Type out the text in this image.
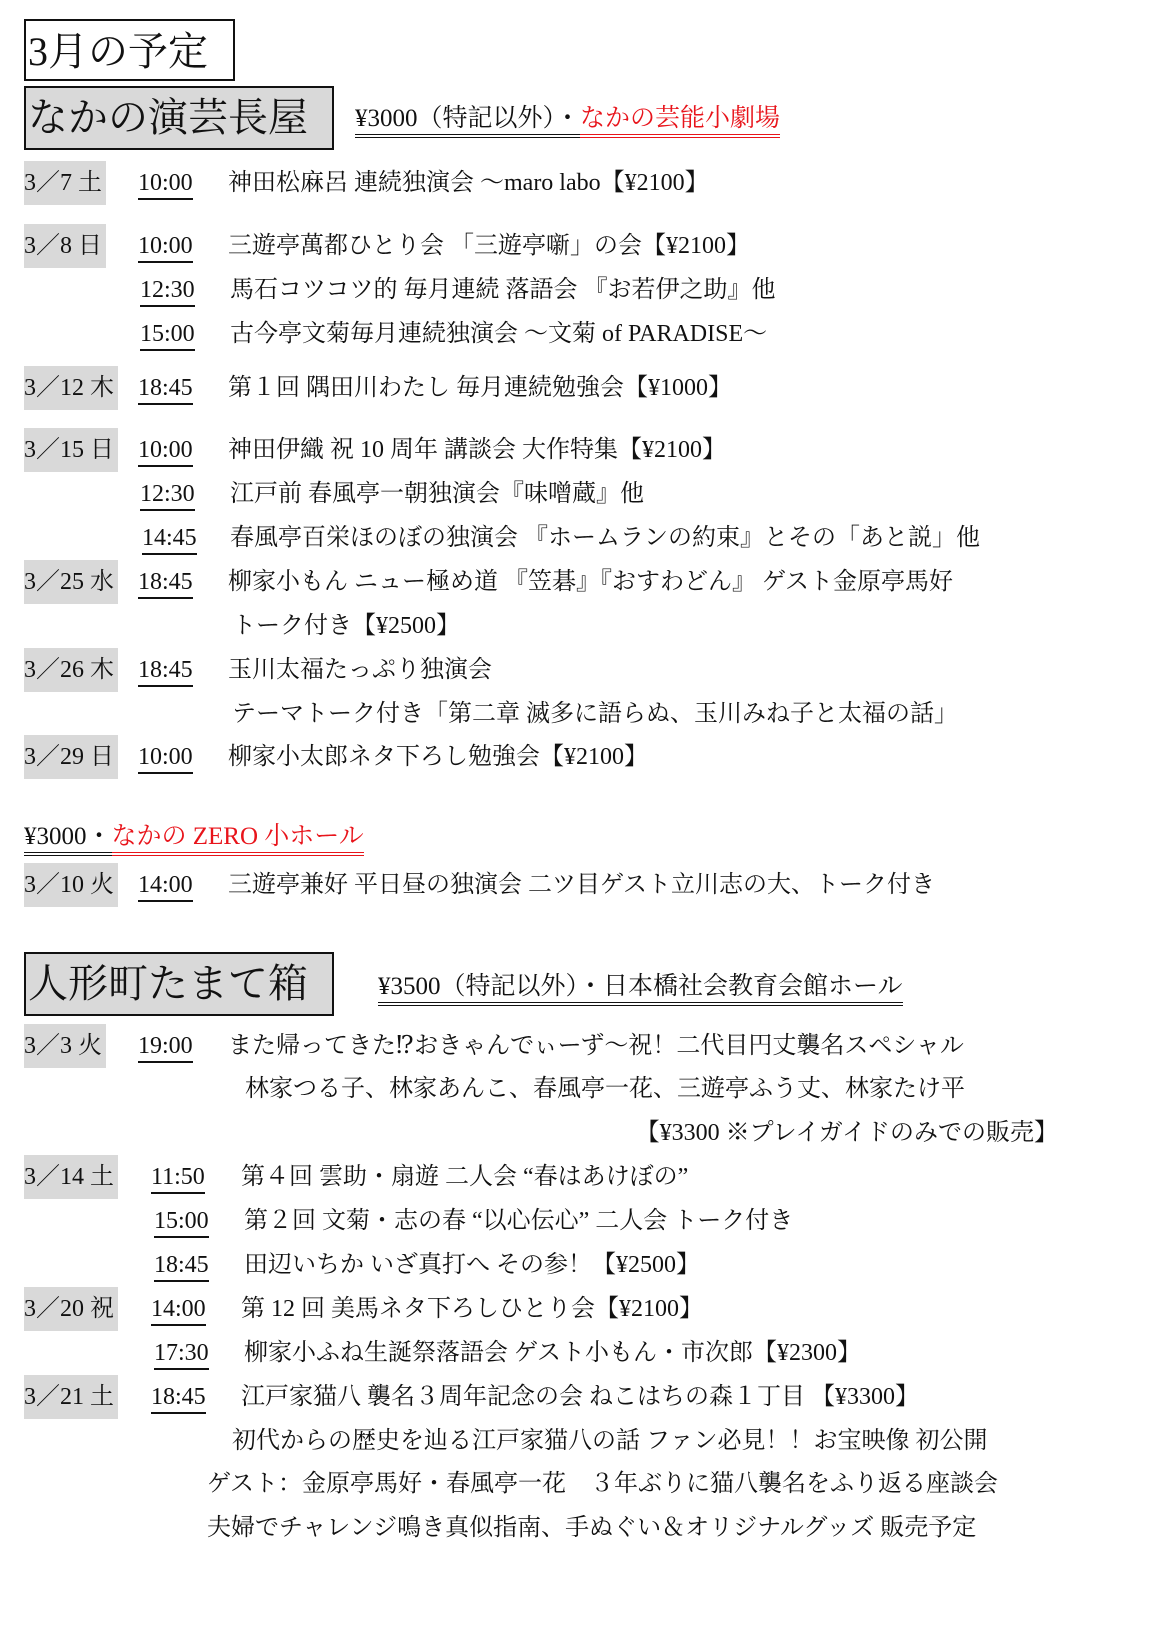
3月の予定
なかの演芸長屋	¥3000（特記以外）・なかの芸能小劇場
3／7 土 10:00 神田松麻呂 連続独演会 ～maro labo【¥2100】
3／8 日 10:00 三遊亭萬都ひとり会 「三遊亭噺」の会【¥2100】
12:30 馬石コツコツ的 毎月連続 落語会 『お若伊之助』他
15:00 古今亭文菊毎月連続独演会 ～文菊 of PARADISE～
3／12 木 18:45 第１回 隅田川わたし 毎月連続勉強会【¥1000】
3／15 日 10:00 神田伊織 祝 10 周年 講談会 大作特集【¥2100】
12:30 江戸前 春風亭一朝独演会『味噌蔵』他
14:45 春風亭百栄ほのぼの独演会 『ホームランの約束』とその「あと説」他
3／25 水 18:45 柳家小もん ニュー極め道 『笠碁』『おすわどん』 ゲスト金原亭馬好
トーク付き【¥2500】
3／26 木 18:45 玉川太福たっぷり独演会
テーマトーク付き「第二章 滅多に語らぬ、玉川みね子と太福の話」
3／29 日 10:00 柳家小太郎ネタ下ろし勉強会【¥2100】
¥3000・なかの ZERO 小ホール
3／10 火 14:00 三遊亭兼好 平日昼の独演会 二ツ目ゲスト立川志の大、トーク付き
人形町たまて箱	¥3500（特記以外）・日本橋社会教育会館ホール
3／3 火 19:00 また帰ってきた⁉おきゃんでぃーず～祝！二代目円丈襲名スペシャル
林家つる子、林家あんこ、春風亭一花、三遊亭ふう丈、林家たけ平
【¥3300 ※プレイガイドのみでの販売】
3／14 土 11:50 第４回 雲助・扇遊 二人会 “春はあけぼの”
15:00 第２回 文菊・志の春 “以心伝心” 二人会 トーク付き
18:45 田辺いちか いざ真打へ その参！【¥2500】
3／20 祝 14:00 第 12 回 美馬ネタ下ろしひとり会【¥2100】
17:30 柳家小ふね生誕祭落語会 ゲスト小もん・市次郎【¥2300】
3／21 土 18:45 江戸家猫八 襲名３周年記念の会 ねこはちの森１丁目 【¥3300】
初代からの歴史を辿る江戸家猫八の話 ファン必見！！お宝映像 初公開
ゲスト：金原亭馬好・春風亭一花　３年ぶりに猫八襲名をふり返る座談会
夫婦でチャレンジ鳴き真似指南、手ぬぐい＆オリジナルグッズ 販売予定
